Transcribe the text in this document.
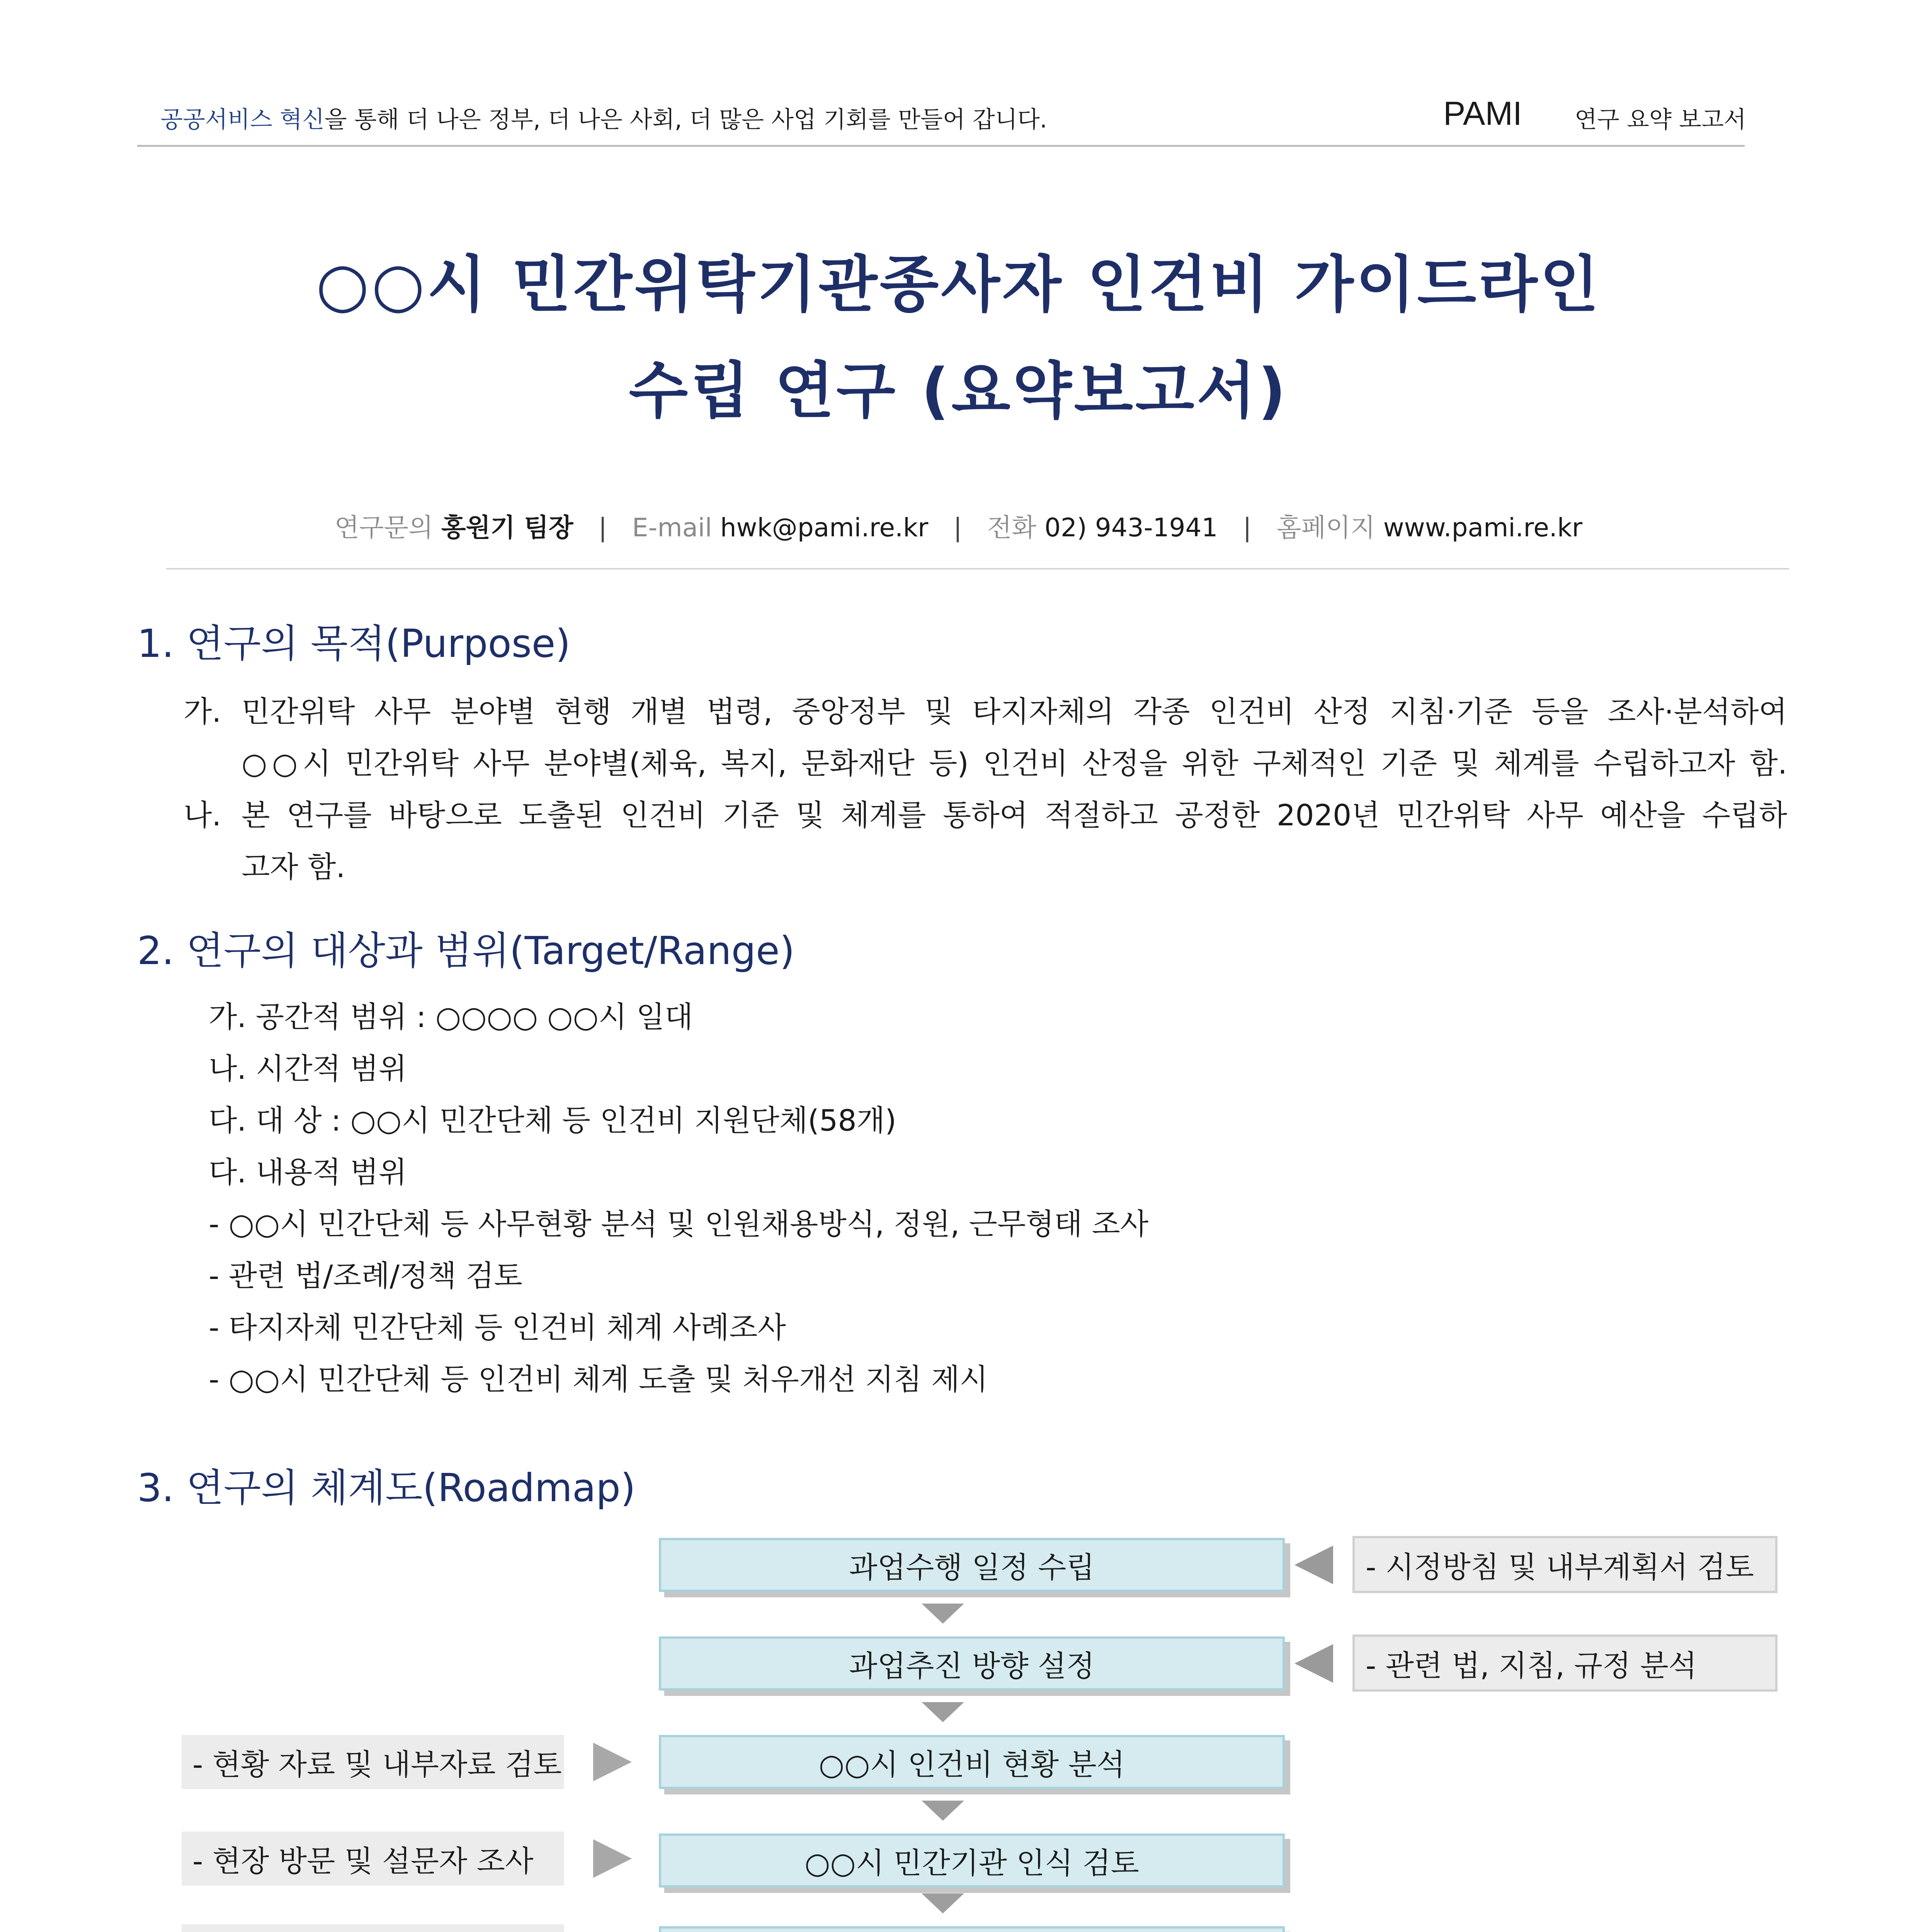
공공서비스 혁신을 통해 더 나은 정부, 더 나은 사회, 더 많은 사업 기회를 만들어 갑니다.	PAMI 연구 요약 보고서
○○시 민간위탁기관종사자 인건비 가이드라인
수립 연구 (요약보고서)
연구문의 홍원기 팀장 | E-mail hwk@pami.re.kr | 전화 02) 943-1941 | 홈페이지 www.pami.re.kr
1. 연구의 목적(Purpose)
가. 민간위탁 사무 분야별 현행 개별 법령, 중앙정부 및 타지자체의 각종 인건비 산정 지침·기준 등을 조사·분석하여
○○시 민간위탁 사무 분야별(체육, 복지, 문화재단 등) 인건비 산정을 위한 구체적인 기준 및 체계를 수립하고자 함.
나. 본 연구를 바탕으로 도출된 인건비 기준 및 체계를 통하여 적절하고 공정한 2020년 민간위탁 사무 예산을 수립하
고자 함.
2. 연구의 대상과 범위(Target/Range)
가. 공간적 범위 : ○○○○ ○○시 일대
나. 시간적 범위
다. 대 상 : ○○시 민간단체 등 인건비 지원단체(58개)
다. 내용적 범위
- ○○시 민간단체 등 사무현황 분석 및 인원채용방식, 정원, 근무형태 조사
- 관련 법/조례/정책 검토
- 타지자체 민간단체 등 인건비 체계 사례조사
- ○○시 민간단체 등 인건비 체계 도출 및 처우개선 지침 제시
3. 연구의 체계도(Roadmap)
과업수행 일정 수립
과업추진 방향 설정
○○시 인건비 현황 분석
○○시 민간기관 인식 검토
- 시정방침 및 내부계획서 검토
- 관련 법, 지침, 규정 분석
- 현황 자료 및 내부자료 검토
- 현장 방문 및 설문자 조사
